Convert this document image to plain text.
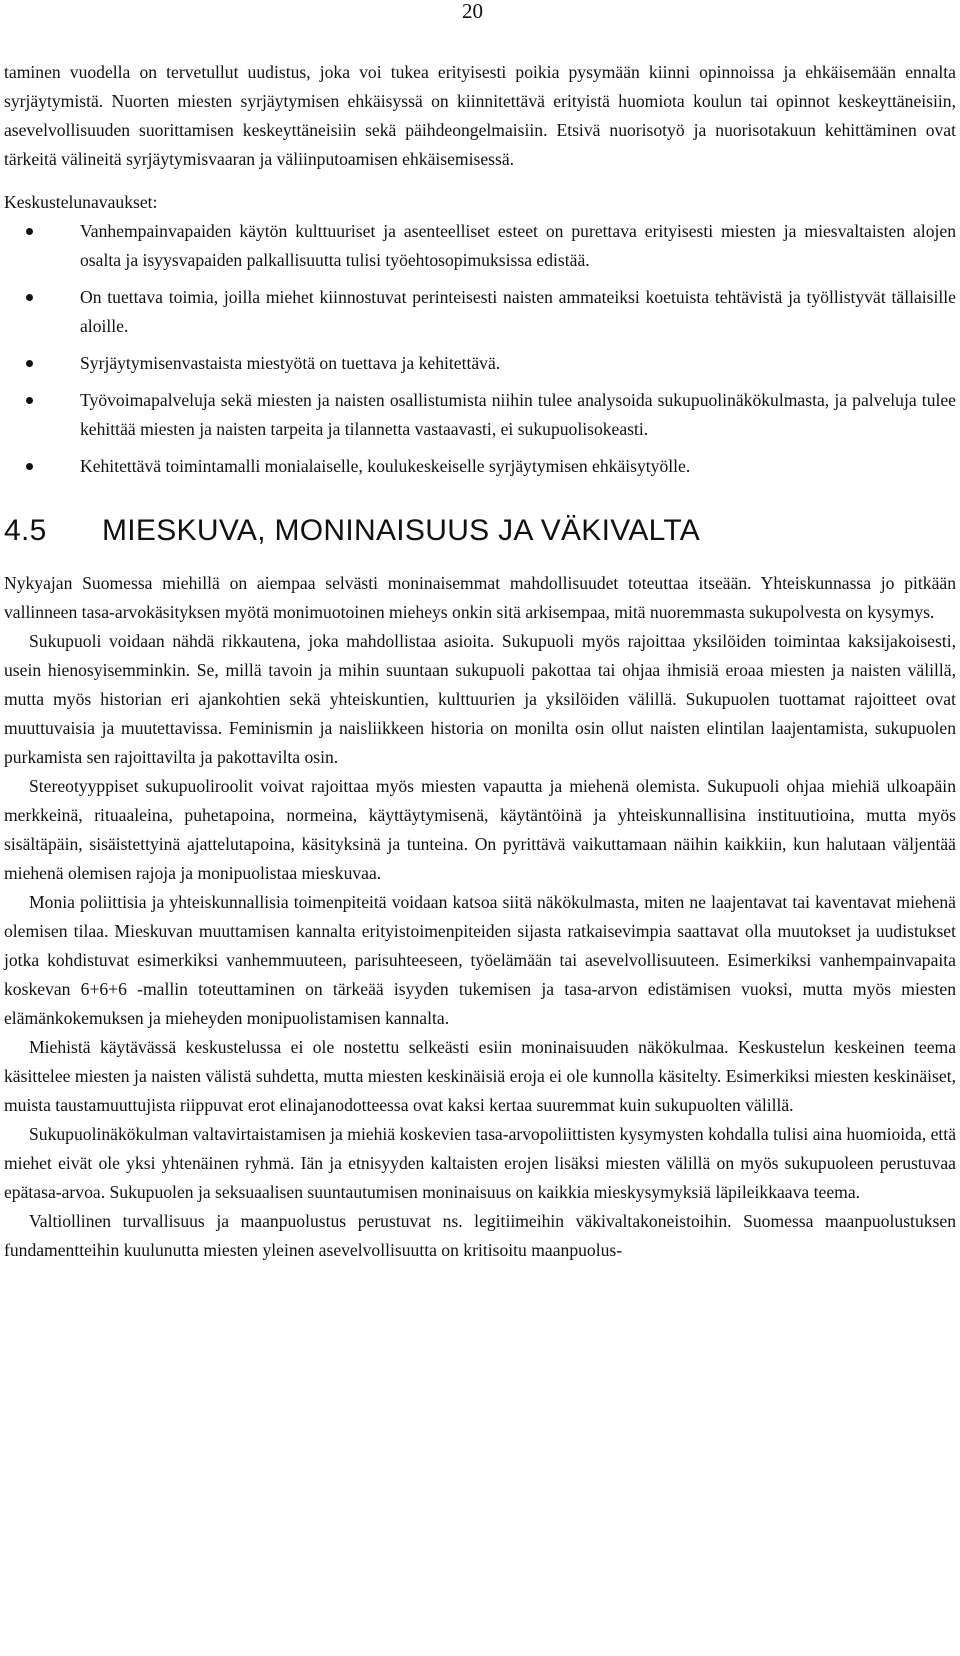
20

taminen vuodella on tervetullut uudistus, joka voi tukea erityisesti poikia pysymään kiinni opinnoissa ja ehkäisemään ennalta syrjäytymistä. Nuorten miesten syrjäytymisen ehkäisyssä on kiinnitettävä erityistä huomiota koulun tai opinnot keskeyttäneisiin, asevelvollisuuden suorittamisen keskeyttäneisiin sekä päihdeongelmaisiin. Etsivä nuorisotyö ja nuorisotakuun kehittäminen ovat tärkeitä välineitä syrjäytymisvaaran ja väliinputoamisen ehkäisemisessä.

Keskustelunavaukset:

Vanhempainvapaiden käytön kulttuuriset ja asenteelliset esteet on purettava erityisesti miesten ja miesvaltaisten alojen osalta ja isyysvapaiden palkallisuutta tulisi työehtosopimuksissa edistää.
On tuettava toimia, joilla miehet kiinnostuvat perinteisesti naisten ammateiksi koetuista tehtävistä ja työllistyvät tällaisille aloille.
Syrjäytymisenvastaista miestyötä on tuettava ja kehitettävä.
Työvoimapalveluja sekä miesten ja naisten osallistumista niihin tulee analysoida sukupuolinäkökulmasta, ja palveluja tulee kehittää miesten ja naisten tarpeita ja tilannetta vastaavasti, ei sukupuolisokeasti.
Kehitettävä toimintamalli monialaiselle, koulukeskeiselle syrjäytymisen ehkäisytyölle.
4.5	MIESKUVA, MONINAISUUS JA VÄKIVALTA

Nykyajan Suomessa miehillä on aiempaa selvästi moninaisemmat mahdollisuudet toteuttaa itseään. Yhteiskunnassa jo pitkään vallinneen tasa-arvokäsityksen myötä monimuotoinen mieheys onkin sitä arkisempaa, mitä nuoremmasta sukupolvesta on kysymys.

Sukupuoli voidaan nähdä rikkautena, joka mahdollistaa asioita. Sukupuoli myös rajoittaa yksilöiden toimintaa kaksijakoisesti, usein hienosyisemminkin. Se, millä tavoin ja mihin suuntaan sukupuoli pakottaa tai ohjaa ihmisiä eroaa miesten ja naisten välillä, mutta myös historian eri ajankohtien sekä yhteiskuntien, kulttuurien ja yksilöiden välillä. Sukupuolen tuottamat rajoitteet ovat muuttuvaisia ja muutettavissa. Feminismin ja naisliikkeen historia on monilta osin ollut naisten elintilan laajentamista, sukupuolen purkamista sen rajoittavilta ja pakottavilta osin.

Stereotyyppiset sukupuoliroolit voivat rajoittaa myös miesten vapautta ja miehenä olemista. Sukupuoli ohjaa miehiä ulkoapäin merkkeinä, rituaaleina, puhetapoina, normeina, käyttäytymisenä, käytäntöinä ja yhteiskunnallisina instituutioina, mutta myös sisältäpäin, sisäistettyinä ajattelutapoina, käsityksinä ja tunteina. On pyrittävä vaikuttamaan näihin kaikkiin, kun halutaan väljentää miehenä olemisen rajoja ja monipuolistaa mieskuvaa.

Monia poliittisia ja yhteiskunnallisia toimenpiteitä voidaan katsoa siitä näkökulmasta, miten ne laajentavat tai kaventavat miehenä olemisen tilaa. Mieskuvan muuttamisen kannalta erityistoimenpiteiden sijasta ratkaisevimpia saattavat olla muutokset ja uudistukset jotka kohdistuvat esimerkiksi vanhemmuuteen, parisuhteeseen, työelämään tai asevelvollisuuteen. Esimerkiksi vanhempainvapaita koskevan 6+6+6 -mallin toteuttaminen on tärkeää isyyden tukemisen ja tasa-arvon edistämisen vuoksi, mutta myös miesten elämänkokemuksen ja mieheyden monipuolistamisen kannalta.

Miehistä käytävässä keskustelussa ei ole nostettu selkeästi esiin moninaisuuden näkökulmaa. Keskustelun keskeinen teema käsittelee miesten ja naisten välistä suhdetta, mutta miesten keskinäisiä eroja ei ole kunnolla käsitelty. Esimerkiksi miesten keskinäiset, muista taustamuuttujista riippuvat erot elinajanodotteessa ovat kaksi kertaa suuremmat kuin sukupuolten välillä.

Sukupuolinäkökulman valtavirtaistamisen ja miehiä koskevien tasa-arvopoliittisten kysymysten kohdalla tulisi aina huomioida, että miehet eivät ole yksi yhtenäinen ryhmä. Iän ja etnisyyden kaltaisten erojen lisäksi miesten välillä on myös sukupuoleen perustuvaa epätasa-arvoa. Sukupuolen ja seksuaalisen suuntautumisen moninaisuus on kaikkia mieskysymyksiä läpileikkaava teema.

Valtiollinen turvallisuus ja maanpuolustus perustuvat ns. legitiimeihin väkivaltakoneistoihin. Suomessa maanpuolustuksen fundamentteihin kuulunutta miesten yleinen asevelvollisuutta on kritisoitu maanpuolus-
